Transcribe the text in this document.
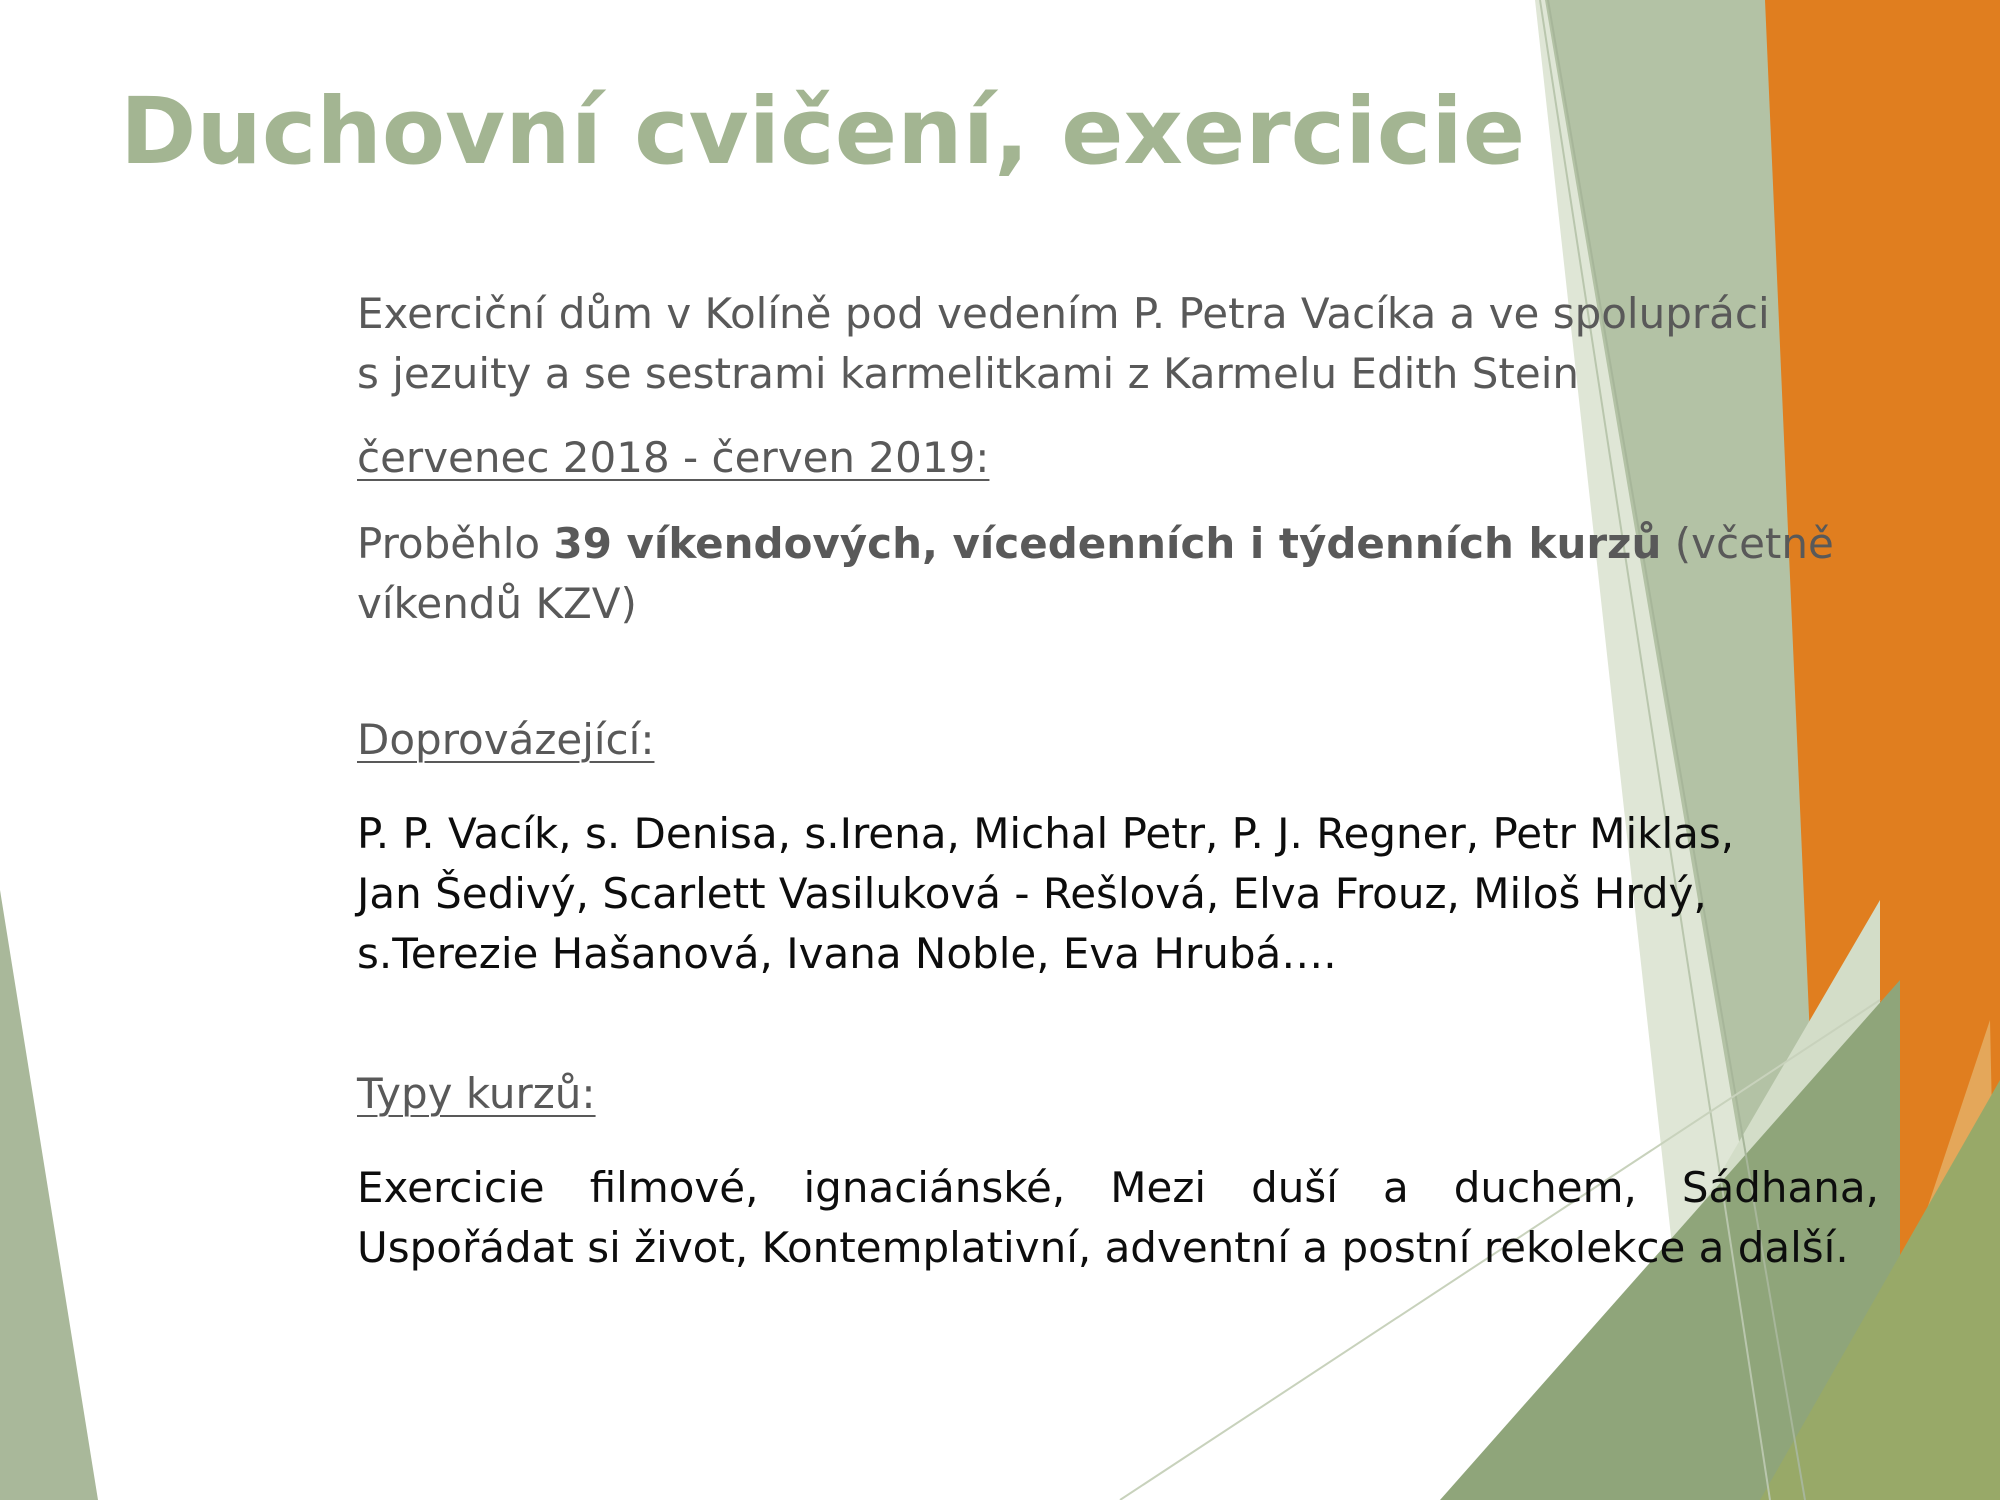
Duchovní cvičení, exercicie

Exerciční dům v Kolíně pod vedením P. Petra Vacíka a ve spolupráci
s jezuity a se sestrami karmelitkami z Karmelu Edith Stein

červenec 2018 - červen 2019:

Proběhlo 39 víkendových, vícedenních i týdenních kurzů (včetně
víkendů KZV)

Doprovázející:

P. P. Vacík, s. Denisa, s.Irena, Michal Petr, P. J. Regner, Petr Miklas,
Jan Šedivý, Scarlett Vasiluková - Rešlová, Elva Frouz, Miloš Hrdý,
s.Terezie Hašanová, Ivana Noble, Eva Hrubá….

Typy kurzů:

Exercicie filmové, ignaciánské, Mezi duší a duchem, Sádhana, Uspořádat si život, Kontemplativní, adventní a postní rekolekce a další.
